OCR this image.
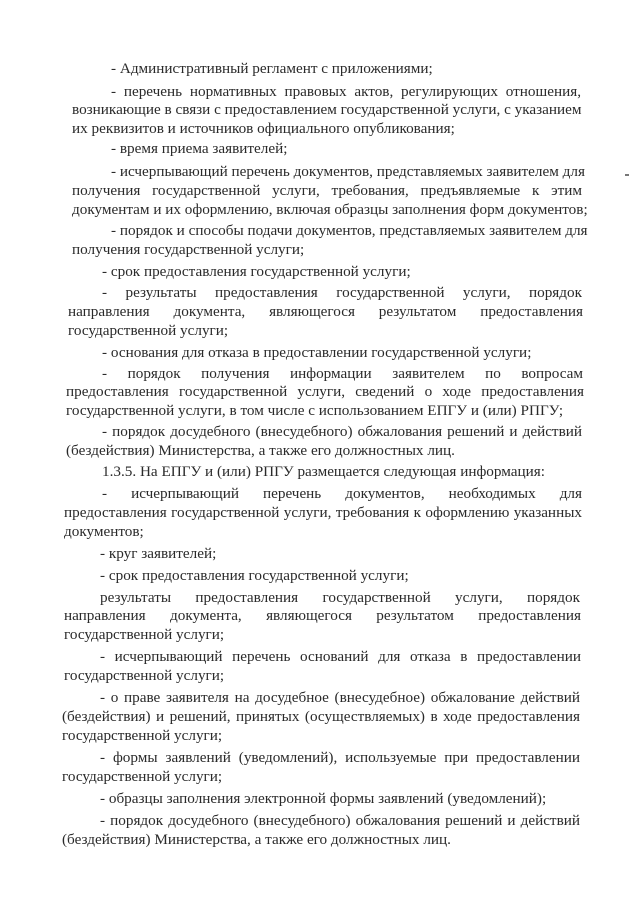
- Административный регламент с приложениями;
- перечень нормативных правовых актов, регулирующих отношения,
возникающие в связи с предоставлением государственной услуги, с указанием
их реквизитов и источников официального опубликования;
- время приема заявителей;
- исчерпывающий перечень документов, представляемых заявителем для
получения государственной услуги, требования, предъявляемые к этим
документам и их оформлению, включая образцы заполнения форм документов;
- порядок и способы подачи документов, представляемых заявителем для
получения государственной услуги;
- срок предоставления государственной услуги;
- результаты предоставления государственной услуги, порядок
направления документа, являющегося результатом предоставления
государственной услуги;
- основания для отказа в предоставлении государственной услуги;
- порядок получения информации заявителем по вопросам
предоставления государственной услуги, сведений о ходе предоставления
государственной услуги, в том числе с использованием ЕПГУ и (или) РПГУ;
- порядок досудебного (внесудебного) обжалования решений и действий
(бездействия) Министерства, а также его должностных лиц.
1.3.5. На ЕПГУ и (или) РПГУ размещается следующая информация:
- исчерпывающий перечень документов, необходимых для
предоставления государственной услуги, требования к оформлению указанных
документов;
- круг заявителей;
- срок предоставления государственной услуги;
результаты предоставления государственной услуги, порядок
направления документа, являющегося результатом предоставления
государственной услуги;
- исчерпывающий перечень оснований для отказа в предоставлении
государственной услуги;
- о праве заявителя на досудебное (внесудебное) обжалование действий
(бездействия) и решений, принятых (осуществляемых) в ходе предоставления
государственной услуги;
- формы заявлений (уведомлений), используемые при предоставлении
государственной услуги;
- образцы заполнения электронной формы заявлений (уведомлений);
- порядок досудебного (внесудебного) обжалования решений и действий
(бездействия) Министерства, а также его должностных лиц.
